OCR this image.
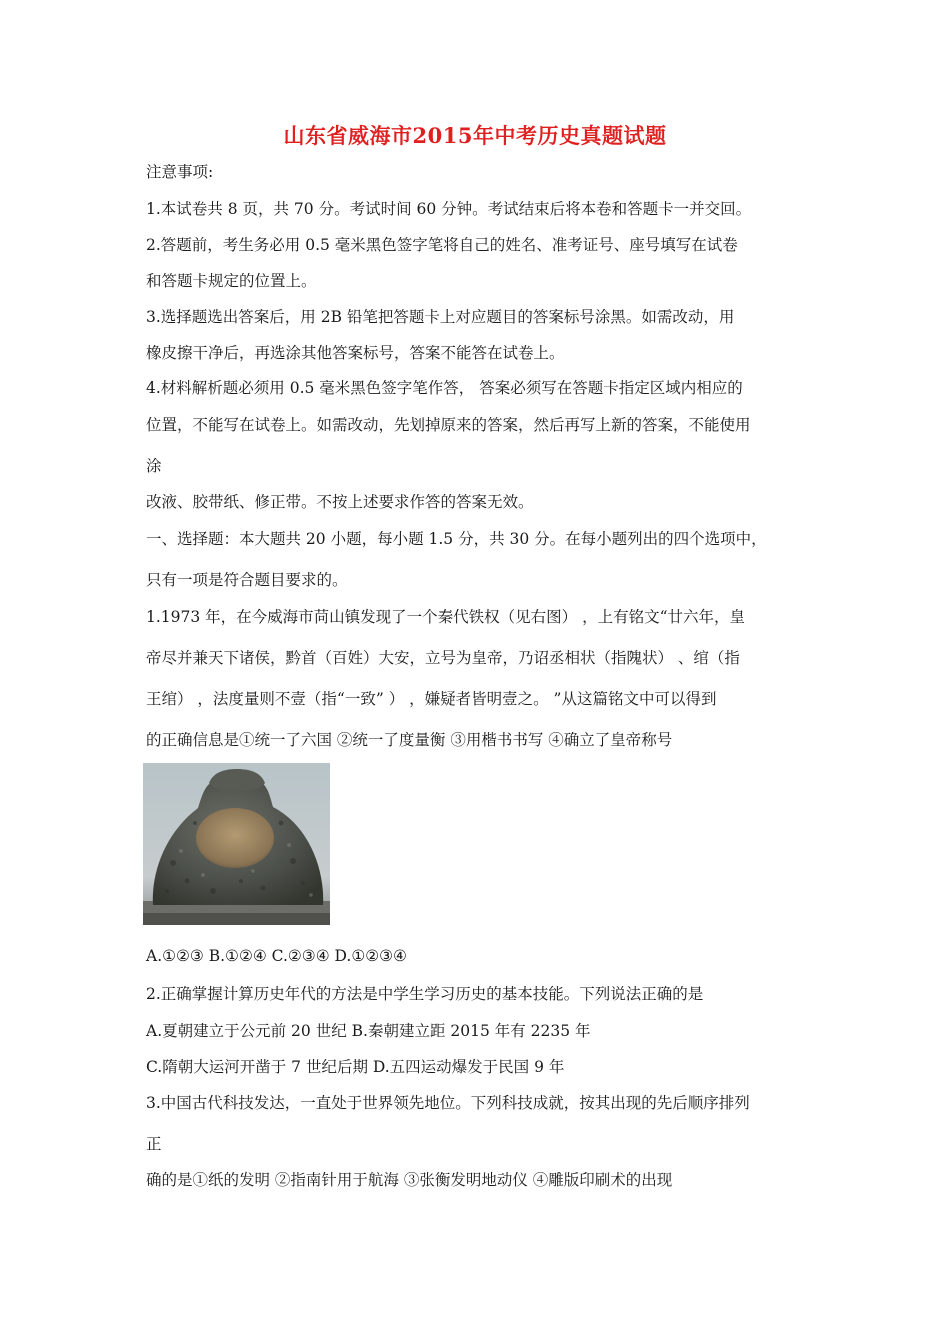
山东省威海市2015年中考历史真题试题
注意事项:
1.本试卷共 8 页，共 70 分。考试时间 60 分钟。考试结束后将本卷和答题卡一并交回。
2.答题前，考生务必用 0.5 毫米黑色签字笔将自己的姓名、准考证号、座号填写在试卷
和答题卡规定的位置上。
3.选择题选出答案后，用 2B 铅笔把答题卡上对应题目的答案标号涂黑。如需改动，用
橡皮擦干净后，再选涂其他答案标号，答案不能答在试卷上。
4.材料解析题必须用 0.5 毫米黑色签字笔作答， 答案必须写在答题卡指定区域内相应的
位置，不能写在试卷上。如需改动，先划掉原来的答案，然后再写上新的答案，不能使用
涂
改液、胶带纸、修正带。不按上述要求作答的答案无效。
一、选择题：本大题共 20 小题，每小题 1.5 分，共 30 分。在每小题列出的四个选项中，
只有一项是符合题目要求的。
1.1973 年，在今威海市苘山镇发现了一个秦代铁权（见右图） ，上有铭文“廿六年，皇
帝尽并兼天下诸侯，黔首（百姓）大安，立号为皇帝，乃诏丞相状（指隗状） 、绾（指
王绾） ，法度量则不壹（指“一致” ） ，嫌疑者皆明壹之。 ”从这篇铭文中可以得到
的正确信息是①统一了六国 ②统一了度量衡 ③用楷书书写 ④确立了皇帝称号
A.①②③ B.①②④ C.②③④ D.①②③④
2.正确掌握计算历史年代的方法是中学生学习历史的基本技能。下列说法正确的是
A.夏朝建立于公元前 20 世纪 B.秦朝建立距 2015 年有 2235 年
C.隋朝大运河开凿于 7 世纪后期 D.五四运动爆发于民国 9 年
3.中国古代科技发达，一直处于世界领先地位。下列科技成就，按其出现的先后顺序排列
正
确的是①纸的发明 ②指南针用于航海 ③张衡发明地动仪 ④雕版印刷术的出现
